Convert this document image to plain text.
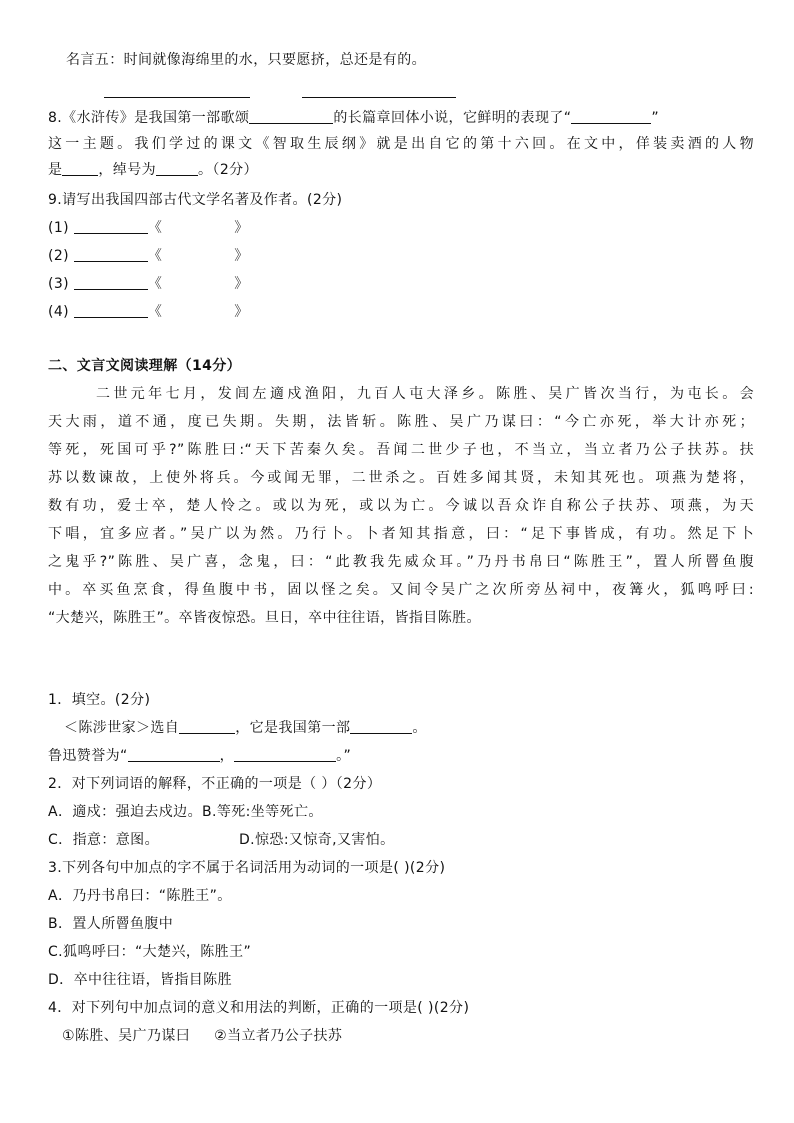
名言五：时间就像海绵里的水，只要愿挤，总还是有的。
8.《水浒传》是我国第一部歌颂	的长篇章回体小说，它鲜明的表现了“	”
这一主题。我们学过的课文《智取生辰纲》就是出自它的第十六回。在文中，佯装卖酒的人物
是	，绰号为	。（2分）
9.请写出我国四部古代文学名著及作者。(2分)
(1)	《	》
(2)	《	》
(3)	《	》
(4)	《	》
二、文言文阅读理解（14分）
二世元年七月，发闾左適戍渔阳，九百人屯大泽乡。陈胜、吴广皆次当行，为屯长。会
天大雨，道不通，度已失期。失期，法皆斩。陈胜、吴广乃谋曰：“今亡亦死，举大计亦死；
等死，死国可乎?”陈胜曰:“天下苦秦久矣。吾闻二世少子也，不当立，当立者乃公子扶苏。扶
苏以数谏故，上使外将兵。今或闻无罪，二世杀之。百姓多闻其贤，未知其死也。项燕为楚将，
数有功，爱士卒，楚人怜之。或以为死，或以为亡。今诚以吾众诈自称公子扶苏、项燕，为天
下唱，宜多应者。”吴广以为然。乃行卜。卜者知其指意，曰：“足下事皆成，有功。然足下卜
之鬼乎?”陈胜、吴广喜，念鬼，曰：“此教我先威众耳。”乃丹书帛曰“陈胜王”，置人所罾鱼腹
中。卒买鱼烹食，得鱼腹中书，固以怪之矣。又间令吴广之次所旁丛祠中，夜篝火，狐鸣呼曰:
“大楚兴，陈胜王”。卒皆夜惊恐。旦日，卒中往往语，皆指目陈胜。
1．填空。(2分)
＜陈涉世家＞选自	，它是我国第一部	。
鲁迅赞誉为“	，	。”
2．对下列词语的解释，不正确的一项是（ ）（2分）
A．適戍：强迫去戍边。B.等死:坐等死亡。
C．指意：意图。	D.惊恐:又惊奇,又害怕。
3.下列各句中加点的字不属于名词活用为动词的一项是( )(2分)
A．乃丹书帛曰：“陈胜王”。
B．置人所罾鱼腹中
C.狐鸣呼曰：“大楚兴，陈胜王”
D．卒中往往语，皆指目陈胜
4．对下列句中加点词的意义和用法的判断，正确的一项是( )(2分)
①陈胜、吴广乃谋曰 ②当立者乃公子扶苏
